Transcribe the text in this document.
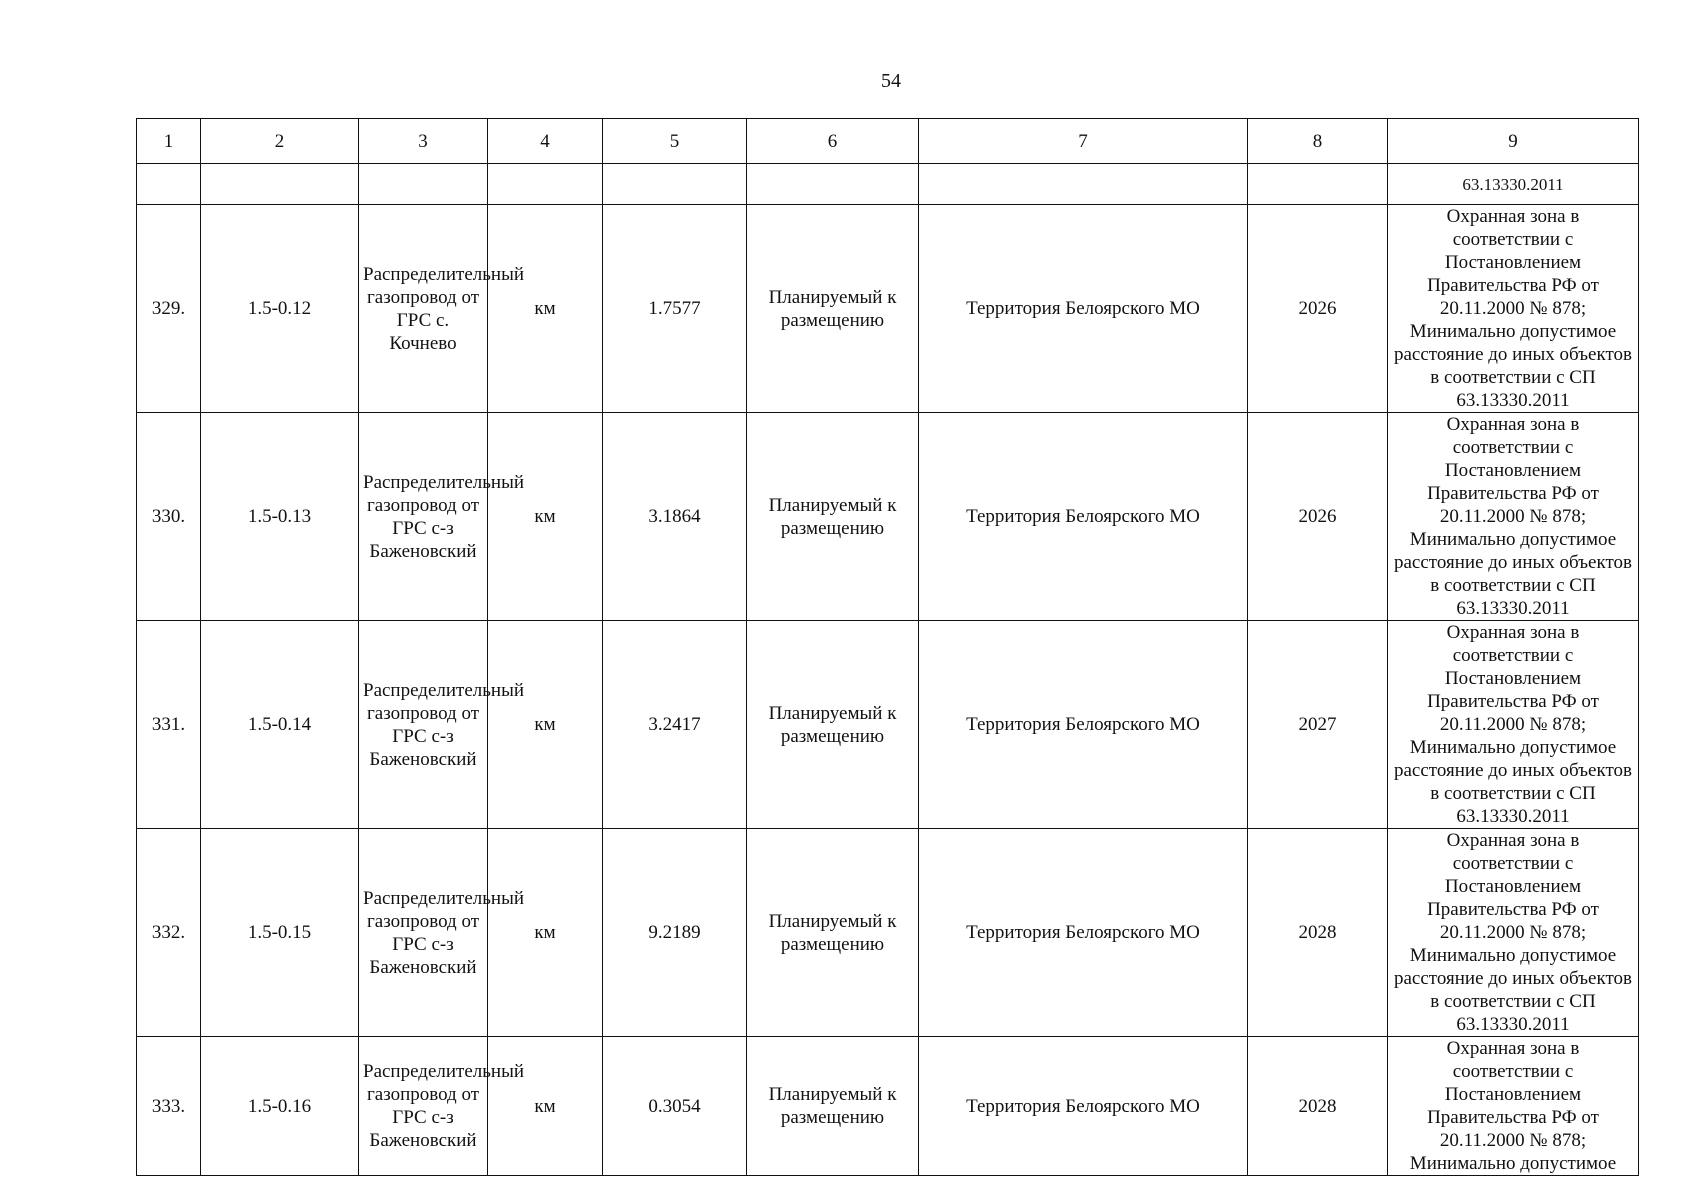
54
1	2	3	4	5	6	7	8	9
								63.13330.2011
329.	1.5-0.12	Распределительный газопровод от ГРС с. Кочнево	км	1.7577	Планируемый к размещению	Территория Белоярского МО	2026	Охранная зона в соответствии с Постановлением Правительства РФ от 20.11.2000 № 878; Минимально допустимое расстояние до иных объектов в соответствии с СП 63.13330.2011
330.	1.5-0.13	Распределительный газопровод от ГРС с-з Баженовский	км	3.1864	Планируемый к размещению	Территория Белоярского МО	2026	Охранная зона в соответствии с Постановлением Правительства РФ от 20.11.2000 № 878; Минимально допустимое расстояние до иных объектов в соответствии с СП 63.13330.2011
331.	1.5-0.14	Распределительный газопровод от ГРС с-з Баженовский	км	3.2417	Планируемый к размещению	Территория Белоярского МО	2027	Охранная зона в соответствии с Постановлением Правительства РФ от 20.11.2000 № 878; Минимально допустимое расстояние до иных объектов в соответствии с СП 63.13330.2011
332.	1.5-0.15	Распределительный газопровод от ГРС с-з Баженовский	км	9.2189	Планируемый к размещению	Территория Белоярского МО	2028	Охранная зона в соответствии с Постановлением Правительства РФ от 20.11.2000 № 878; Минимально допустимое расстояние до иных объектов в соответствии с СП 63.13330.2011
333.	1.5-0.16	Распределительный газопровод от ГРС с-з Баженовский	км	0.3054	Планируемый к размещению	Территория Белоярского МО	2028	Охранная зона в соответствии с Постановлением Правительства РФ от 20.11.2000 № 878; Минимально допустимое
